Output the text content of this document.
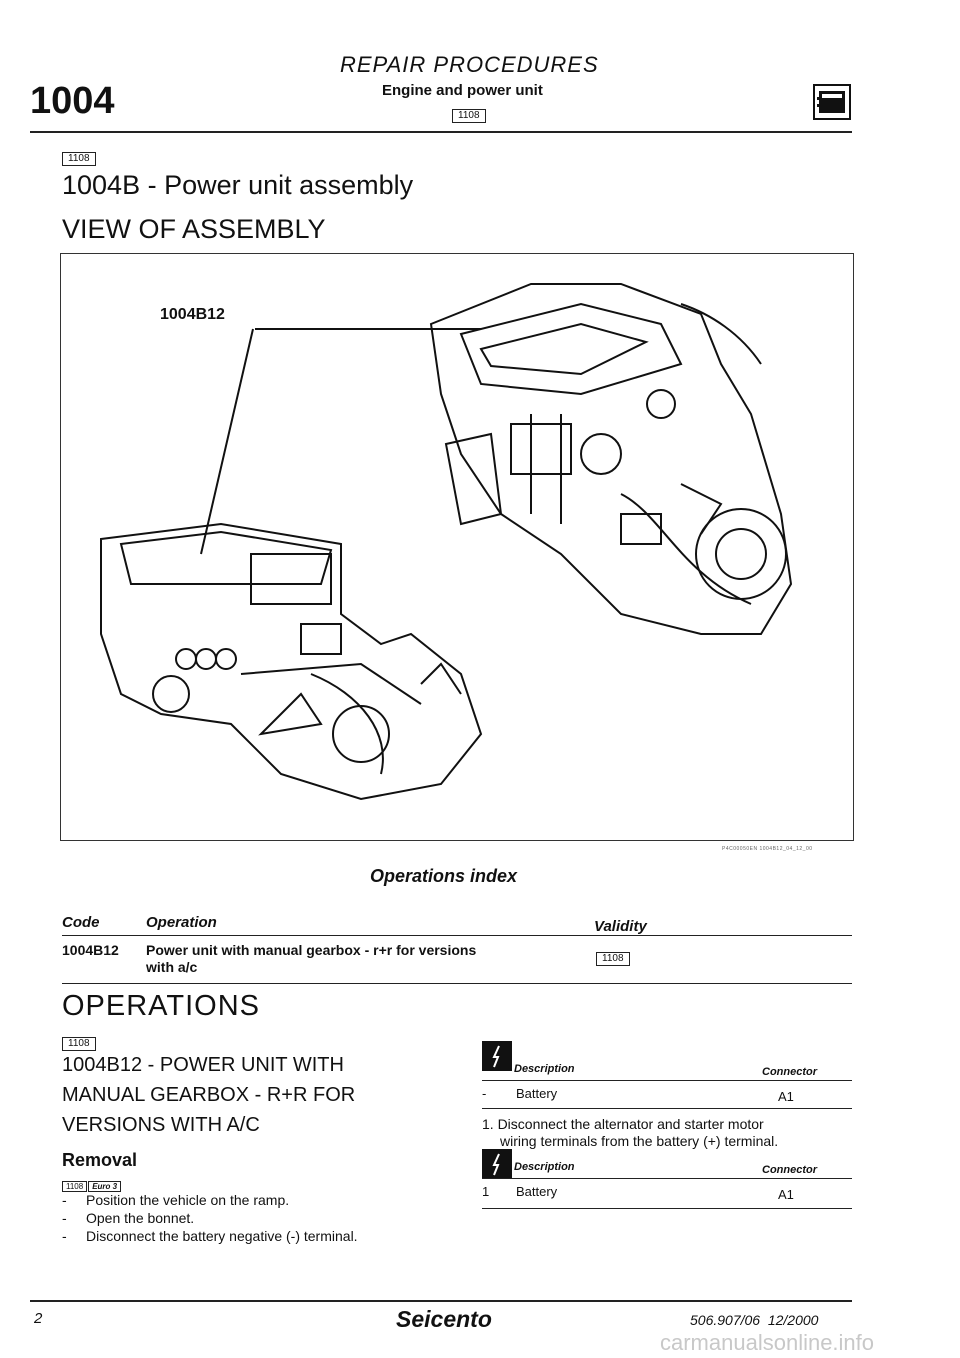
1004
REPAIR PROCEDURES
Engine and power unit
1108
1108
1004B - Power unit assembly
VIEW OF ASSEMBLY
1004B12
P4C00050EN 1004B12_04_12_00
Operations index
Code	Operation	Validity
1004B12 Power unit with manual gearbox - r+r for versions
with a/c
1108
OPERATIONS
1108
1004B12 - POWER UNIT WITH
MANUAL GEARBOX - R+R FOR
VERSIONS WITH A/C
Removal
1108 Euro 3
- Position the vehicle on the ramp.
- Open the bonnet.
- Disconnect the battery negative (-) terminal.
Description	Connector
- Battery	A1
1. Disconnect the alternator and starter motor
wiring terminals from the battery (+) terminal.
Description	Connector
1 Battery	A1
2	Seicento	506.907/06  12/2000
carmanualsonline.info
